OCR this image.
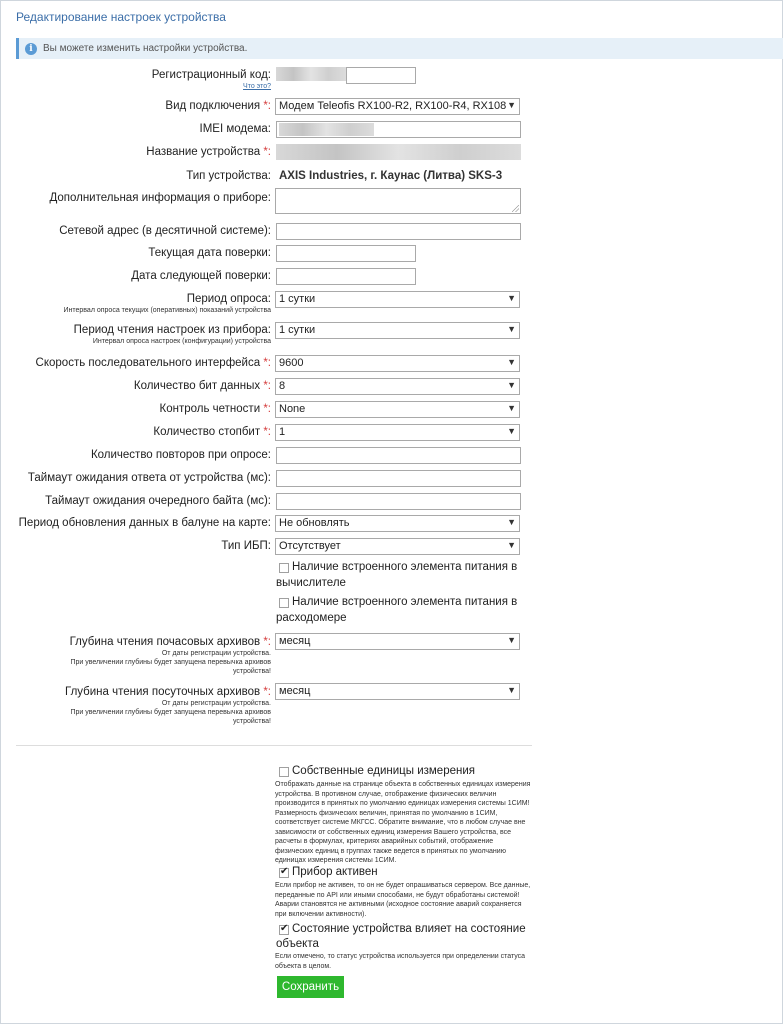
Редактирование настроек устройства
i	Вы можете изменить настройки устройства.
Регистрационный код:
Что это?
Вид подключения *: Модем Teleofis RX100-R2, RX100-R4, RX108 ▼
IMEI модема:
Название устройства *:
Тип устройства: AXIS Industries, г. Каунас (Литва) SKS-3
Дополнительная информация о приборе:
Сетевой адрес (в десятичной системе):
Текущая дата поверки:
Дата следующей поверки:
Период опроса:
Интервал опроса текущих (оперативных) показаний устройства
1 сутки	▼
Период чтения настроек из прибора:
Интервал опроса настроек (конфигурации) устройства
1 сутки	▼
Скорость последовательного интерфейса *: 9600	▼
Количество бит данных *: 8	▼
Контроль четности *: None	▼
Количество стопбит *: 1	▼
Количество повторов при опросе:
Таймаут ожидания ответа от устройства (мс):
Таймаут ожидания очередного байта (мс):
Период обновления данных в балуне на карте: Не обновлять	▼
Тип ИБП: Отсутствует	▼
Наличие встроенного элемента питания в
вычислителе
Наличие встроенного элемента питания в
расходомере
Глубина чтения почасовых архивов *:
От даты регистрации устройства.
При увеличении глубины будет запущена перевычка архивов
устройства!
месяц	▼
Глубина чтения посуточных архивов *:
От даты регистрации устройства.
При увеличении глубины будет запущена перевычка архивов
устройства!
месяц	▼
Собственные единицы измерения
Отображать данные на странице объекта в собственных единицах измерения устройства. В противном случае, отображение физических величин производится в принятых по умолчанию единицах измерения системы 1СИМ! Размерность физических величин, принятая по умолчанию в 1СИМ, соответствует системе МКГСС. Обратите внимание, что в любом случае вне зависимости от собственных единиц измерения Вашего устройства, все расчеты в формулах, критериях аварийных событий, отображение физических единиц в группах также ведется в принятых по умолчанию единицах измерения системы 1СИМ.
✔
Прибор активен
Если прибор не активен, то он не будет опрашиваться сервером. Все данные, переданные по API или иными способами, не будут обработаны системой! Аварии становятся не активными (исходное состояние аварий сохраняется при включении активности).
✔
Состояние устройства влияет на состояние
объекта
Если отмечено, то статус устройства используется при определении статуса объекта в целом.
Сохранить
